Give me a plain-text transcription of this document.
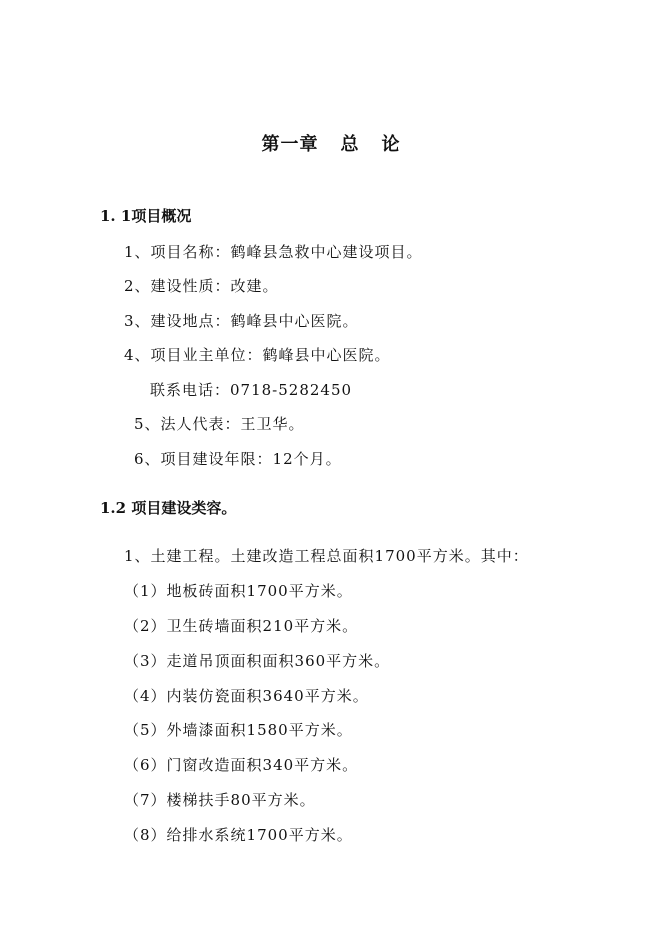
第一章 总 论
1. 1项目概况
1、项目名称：鹤峰县急救中心建设项目。
2、建设性质：改建。
3、建设地点：鹤峰县中心医院。
4、项目业主单位：鹤峰县中心医院。
联系电话：0718-5282450
5、法人代表：王卫华。
6、项目建设年限：12个月。
1.2 项目建设类容。
1、土建工程。土建改造工程总面积1700平方米。其中：
（1）地板砖面积1700平方米。
（2）卫生砖墙面积210平方米。
（3）走道吊顶面积面积360平方米。
（4）内装仿瓷面积3640平方米。
（5）外墙漆面积1580平方米。
（6）门窗改造面积340平方米。
（7）楼梯扶手80平方米。
（8）给排水系统1700平方米。
